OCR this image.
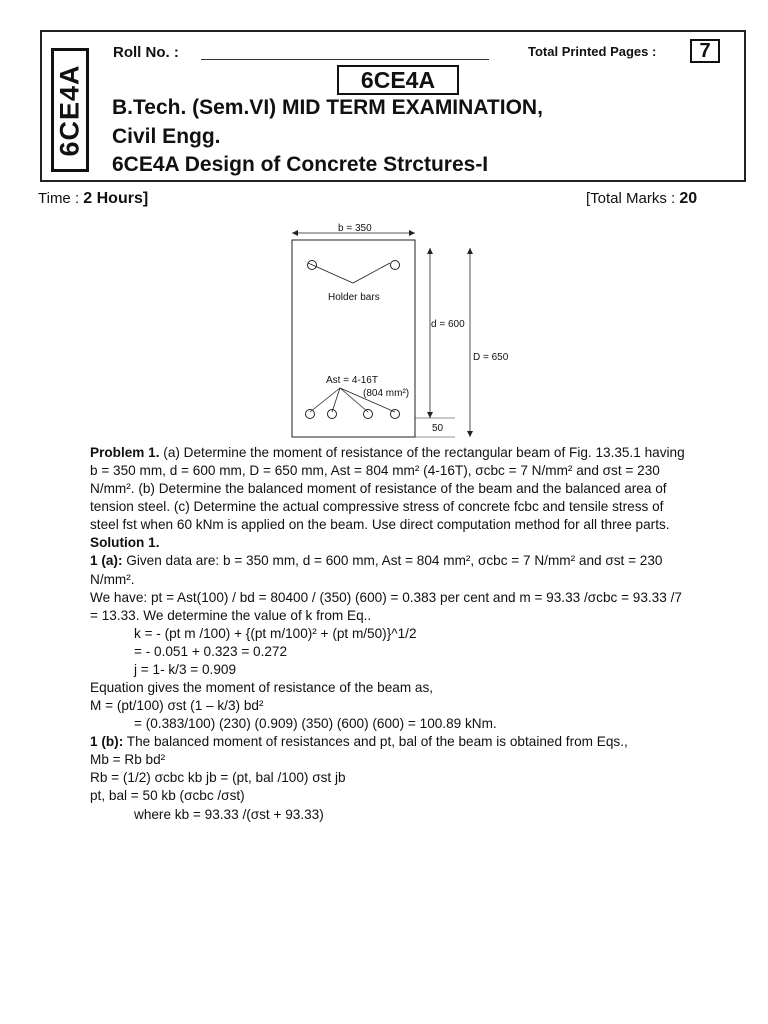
6CE4A
Roll No. :	Total Printed Pages :	7
6CE4A
B.Tech. (Sem.VI) MID TERM EXAMINATION,
Civil Engg.
6CE4A Design of Concrete Strctures-I
Time : 2 Hours]	[Total Marks : 20
b = 350
Holder bars
d = 600
D = 650
50
Ast = 4-16T
(804 mm²)

Problem 1. (a) Determine the moment of resistance of the rectangular beam of Fig. 13.35.1 having b = 350 mm, d = 600 mm, D = 650 mm, Ast = 804 mm² (4-16T), σcbc = 7 N/mm² and σst = 230 N/mm². (b) Determine the balanced moment of resistance of the beam and the balanced area of tension steel. (c) Determine the actual compressive stress of concrete fcbc and tensile stress of steel fst when 60 kNm is applied on the beam. Use direct computation method for all three parts.

Solution 1.

1 (a): Given data are: b = 350 mm, d = 600 mm, Ast = 804 mm², σcbc = 7 N/mm² and σst = 230 N/mm².

We have: pt = Ast(100) / bd = 80400 / (350) (600) = 0.383 per cent and m = 93.33 /σcbc = 93.33 /7 = 13.33. We determine the value of k from Eq..

k = - (pt m /100) + {(pt m/100)² + (pt m/50)}^1/2

= - 0.051 + 0.323 = 0.272

j = 1- k/3 = 0.909

Equation gives the moment of resistance of the beam as,

M = (pt/100) σst (1 – k/3) bd²

= (0.383/100) (230) (0.909) (350) (600) (600) = 100.89 kNm.

1 (b): The balanced moment of resistances and pt, bal of the beam is obtained from Eqs.,

Mb = Rb bd²

Rb = (1/2) σcbc kb jb = (pt, bal /100) σst jb

pt, bal = 50 kb (σcbc /σst)

where kb = 93.33 /(σst + 93.33)
